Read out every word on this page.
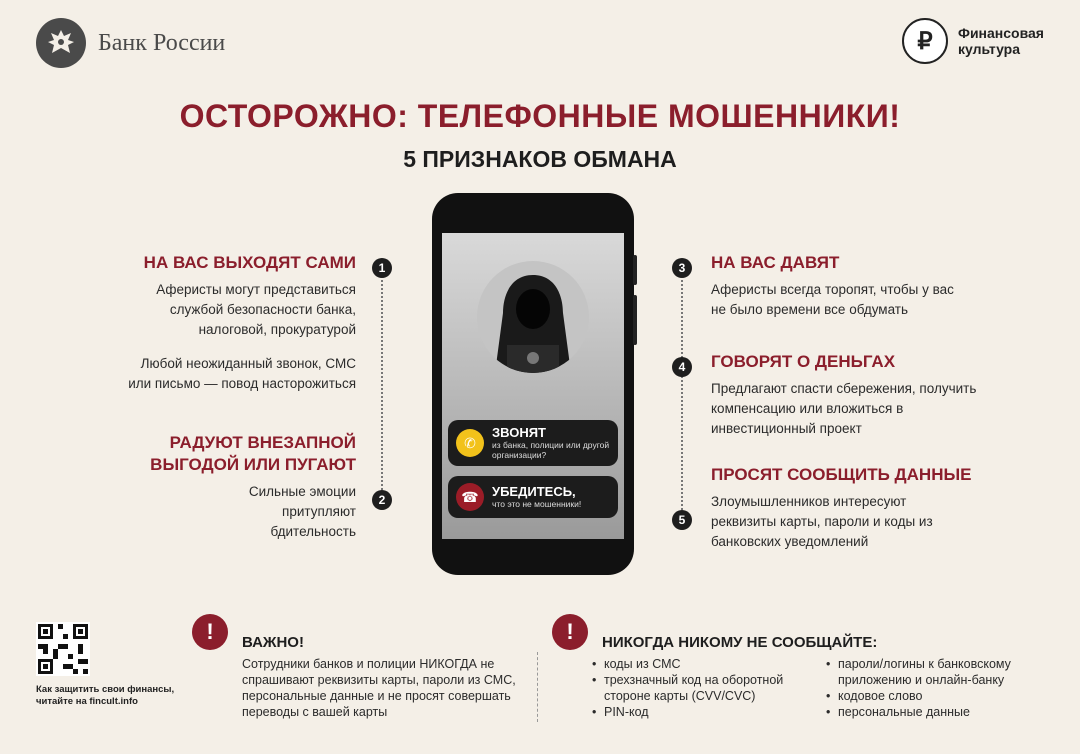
Банк России	₽	Финансовая культура
ОСТОРОЖНО: ТЕЛЕФОННЫЕ МОШЕННИКИ!
5 ПРИЗНАКОВ ОБМАНА
НА ВАС ВЫХОДЯТ САМИ
Аферисты могут представиться службой безопасности банка, налоговой, прокуратурой
Любой неожиданный звонок, СМС или письмо — повод насторожиться
1
РАДУЮТ ВНЕЗАПНОЙ ВЫГОДОЙ ИЛИ ПУГАЮТ
Сильные эмоции притупляют бдительность
2
3	НА ВАС ДАВЯТ
Аферисты всегда торопят, чтобы у вас не было времени все обдумать
4	ГОВОРЯТ О ДЕНЬГАХ
Предлагают спасти сбережения, получить компенсацию или вложиться в инвестиционный проект
5
ПРОСЯТ СООБЩИТЬ ДАННЫЕ
Злоумышленников интересуют реквизиты карты, пароли и коды из банковских уведомлений
✆
ЗВОНЯТ
из банка, полиции или другой организации?
☎	УБЕДИТЕСЬ,
что это не мошенники!
Как защитить свои финансы, читайте на fincult.info
!	ВАЖНО!
Сотрудники банков и полиции НИКОГДА не спрашивают реквизиты карты, пароли из СМС, персональные данные и не просят совершать переводы с вашей карты
!	НИКОГДА НИКОМУ НЕ СООБЩАЙТЕ:
• коды из СМС
• трехзначный код на оборотной стороне карты (CVV/CVC)
• PIN-код
• пароли/логины к банковскому приложению и онлайн-банку
• кодовое слово
• персональные данные
